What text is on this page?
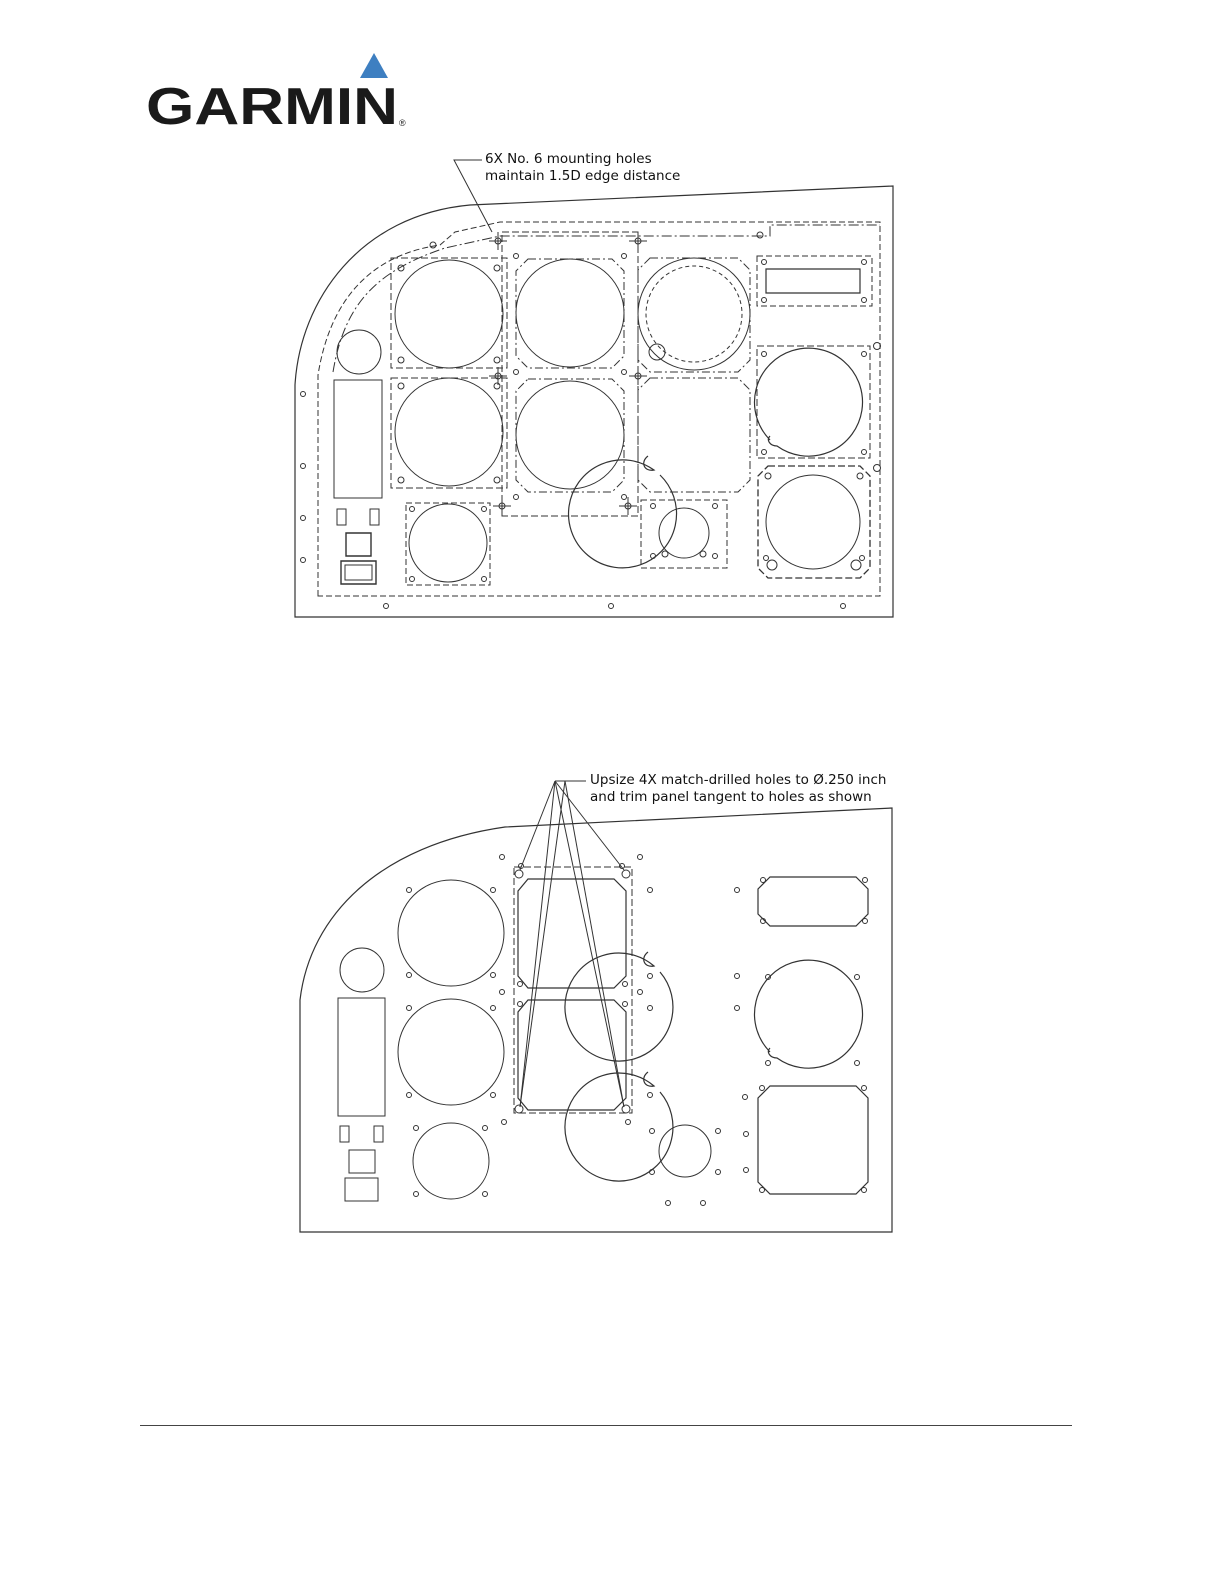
GARMIN ®
6X No. 6 mounting holes
maintain 1.5D edge distance
Upsize 4X match-drilled holes to Ø.250 inch
and trim panel tangent to holes as shown
